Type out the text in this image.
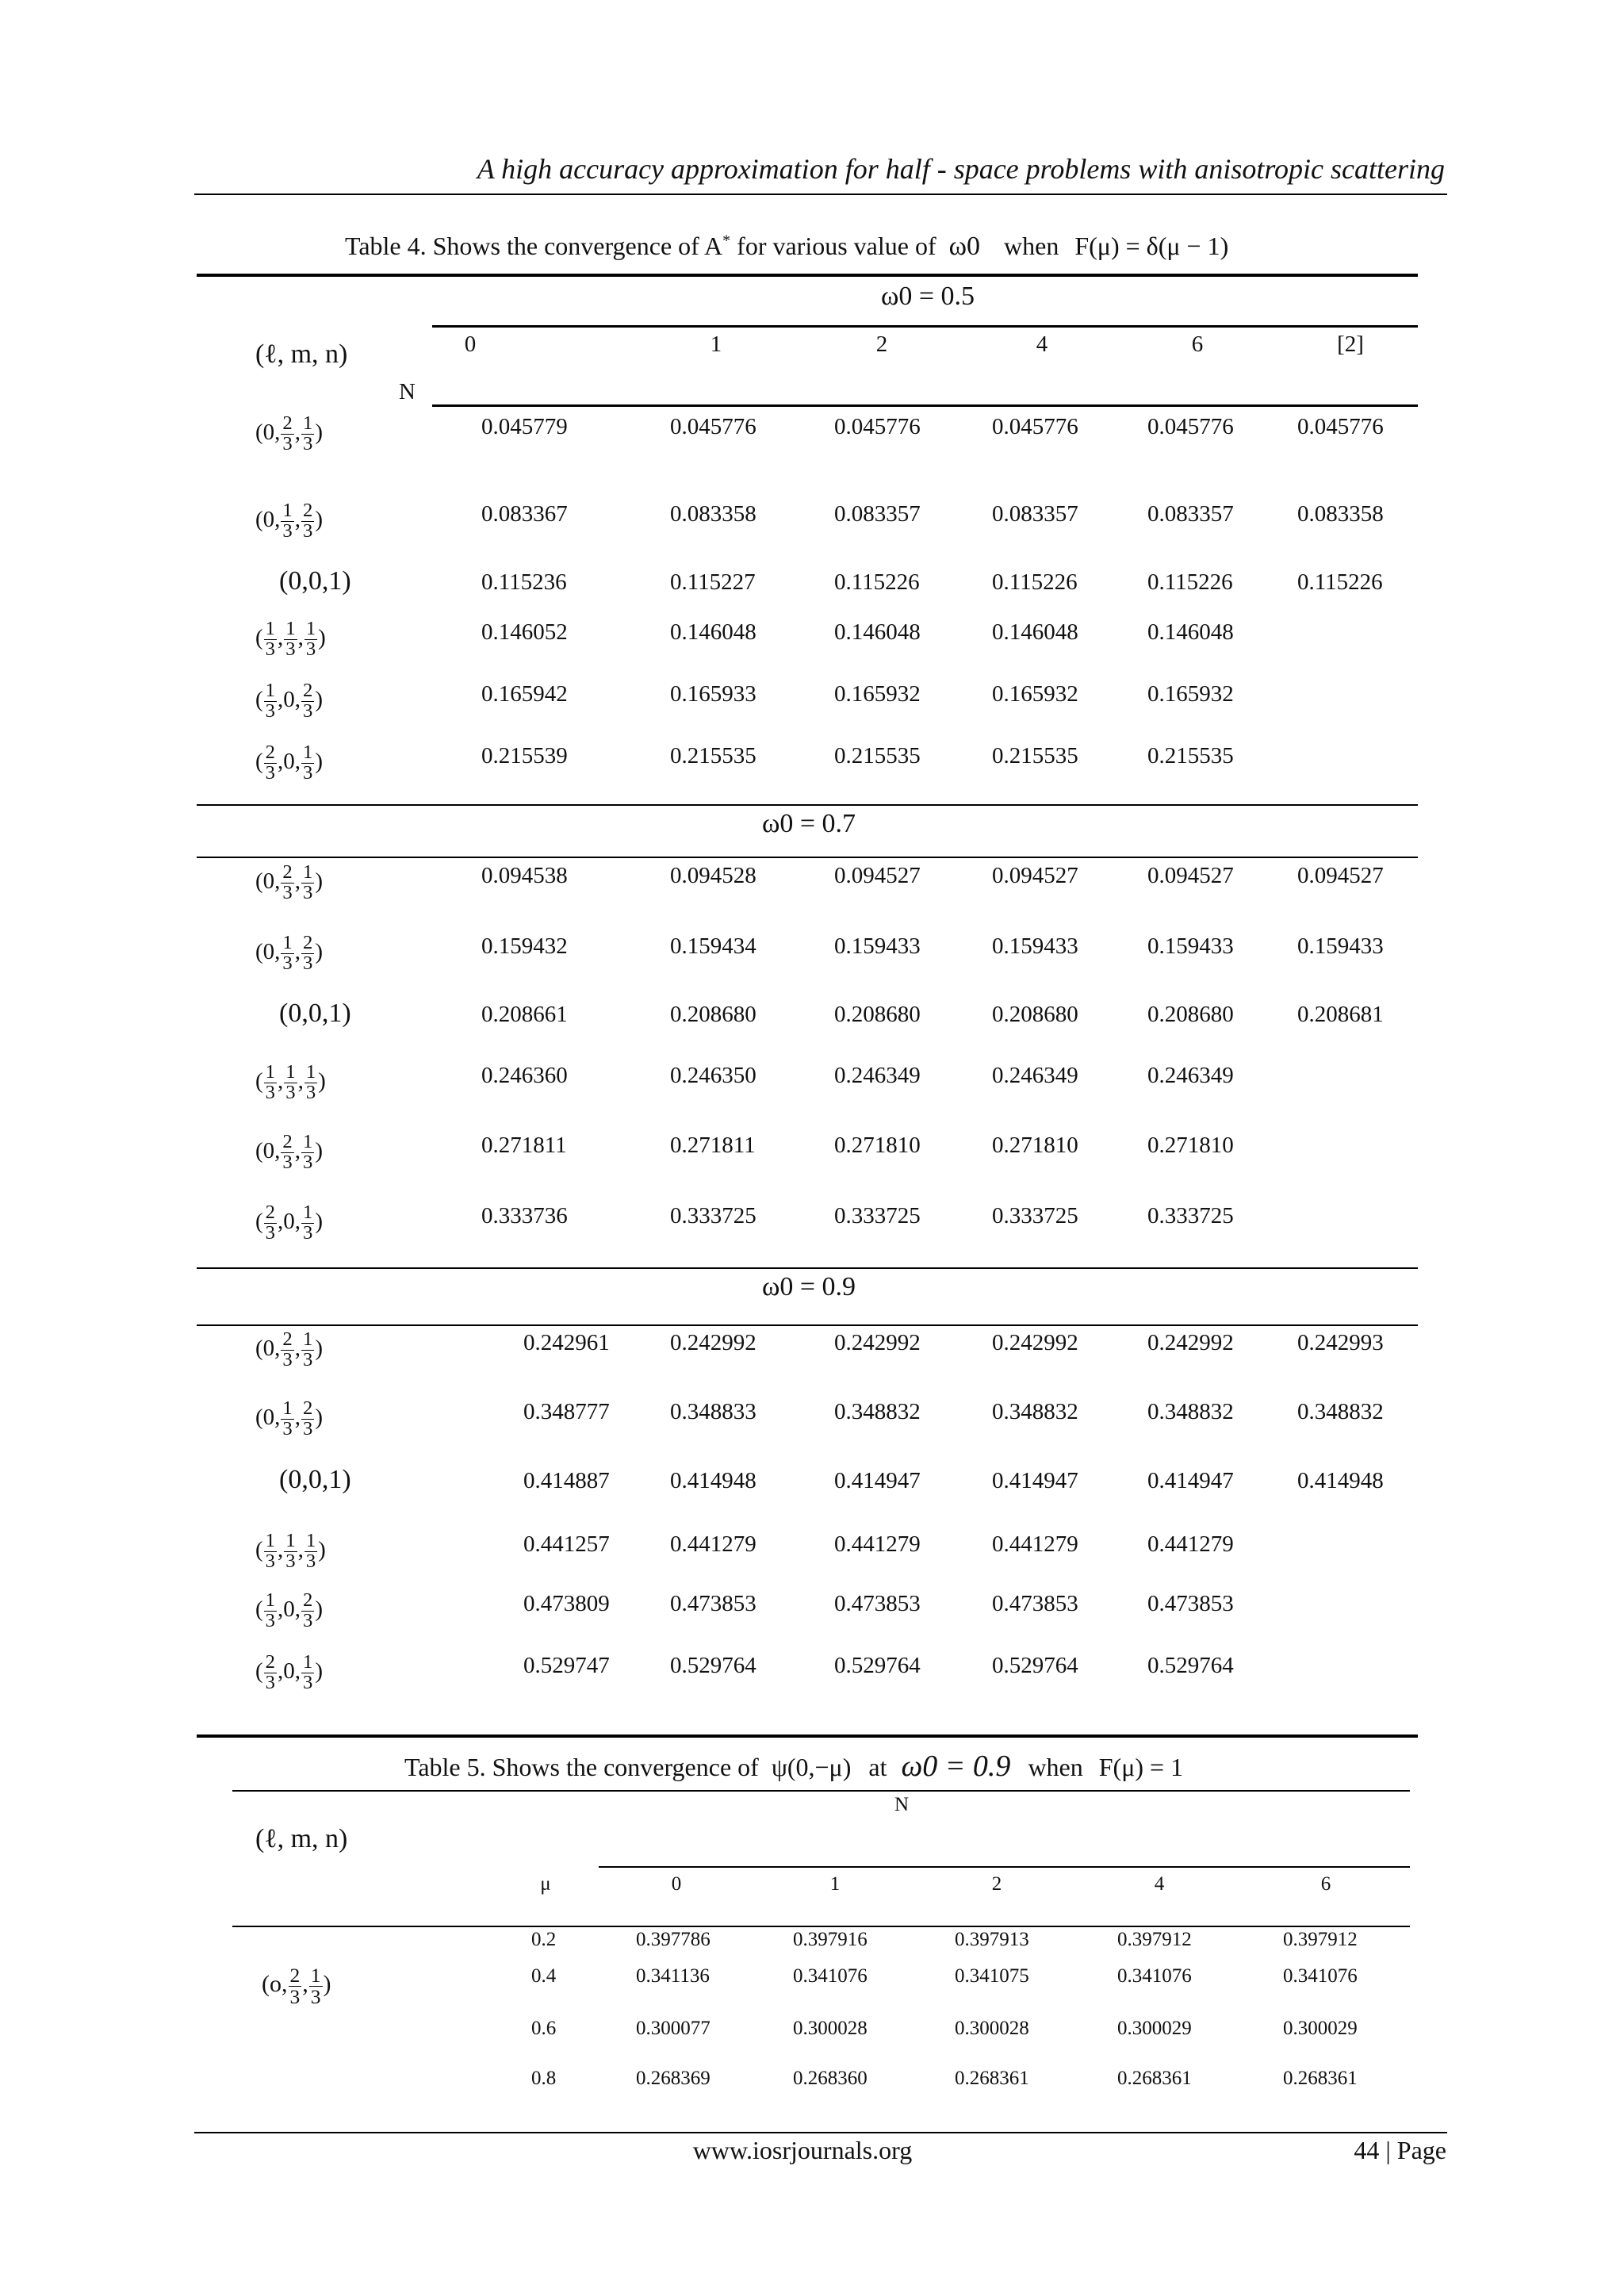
A high accuracy approximation for half - space problems with anisotropic scattering
Table 4. Shows the convergence of A* for various value of ω0 when F(μ) = δ(μ − 1)
ω0 = 0.5
(ℓ, m, n)
N
0	1	2	4	6	[2]
(0, $\frac{2}{3}$ , $\frac{1}{3}$ )	0.045779	0.045776	0.045776	0.045776	0.045776	0.045776
(0, $\frac{1}{3}$ , $\frac{2}{3}$ )	0.083367	0.083358	0.083357	0.083357	0.083357	0.083358
(0,0,1)	0.115236	0.115227	0.115226	0.115226	0.115226	0.115226
( $\frac{1}{3}$ , $\frac{1}{3}$ , $\frac{1}{3}$ )	0.146052	0.146048	0.146048	0.146048	0.146048
( $\frac{1}{3} ,0$, $\frac{2}{3}$ )	0.165942	0.165933	0.165932	0.165932	0.165932
( $\frac{2}{3} ,0$, $\frac{1}{3}$ )	0.215539	0.215535	0.215535	0.215535	0.215535
(0, $\frac{2}{3}$ , $\frac{1}{3}$ )	0.094538	0.094528	0.094527	0.094527	0.094527	0.094527
(0, $\frac{1}{3}$ , $\frac{2}{3}$ )	0.159432	0.159434	0.159433	0.159433	0.159433	0.159433
(0,0,1)	0.208661	0.208680	0.208680	0.208680	0.208680	0.208681
( $\frac{1}{3}$ , $\frac{1}{3}$ , $\frac{1}{3}$ )	0.246360	0.246350	0.246349	0.246349	0.246349
(0, $\frac{2}{3}$ , $\frac{1}{3}$ )	0.271811	0.271811	0.271810	0.271810	0.271810
( $\frac{2}{3} ,0$, $\frac{1}{3}$ )	0.333736	0.333725	0.333725	0.333725	0.333725
(0, $\frac{2}{3}$ , $\frac{1}{3}$ )	0.242961	0.242992	0.242992	0.242992	0.242992	0.242993
(0, $\frac{1}{3}$ , $\frac{2}{3}$ )	0.348777	0.348833	0.348832	0.348832	0.348832	0.348832
(0,0,1)	0.414887	0.414948	0.414947	0.414947	0.414947	0.414948
( $\frac{1}{3}$ , $\frac{1}{3}$ , $\frac{1}{3}$ )	0.441257	0.441279	0.441279	0.441279	0.441279
( $\frac{1}{3} ,0$, $\frac{2}{3}$ )	0.473809	0.473853	0.473853	0.473853	0.473853
( $\frac{2}{3} ,0$, $\frac{1}{3}$ )	0.529747	0.529764	0.529764	0.529764	0.529764
ω0 = 0.7
ω0 = 0.9
Table 5. Shows the convergence of ψ(0,−μ) at ω0 = 0.9 when F(μ) = 1
N
(ℓ, m, n)
μ	0	1	2	4	6
(o, $\frac{2}{3}$ , $\frac{1}{3}$ )
0.2	0.397786	0.397916	0.397913	0.397912	0.397912
0.4	0.341136	0.341076	0.341075	0.341076	0.341076
0.6	0.300077	0.300028	0.300028	0.300029	0.300029
0.8	0.268369	0.268360	0.268361	0.268361	0.268361
www.iosrjournals.org	44 | Page
